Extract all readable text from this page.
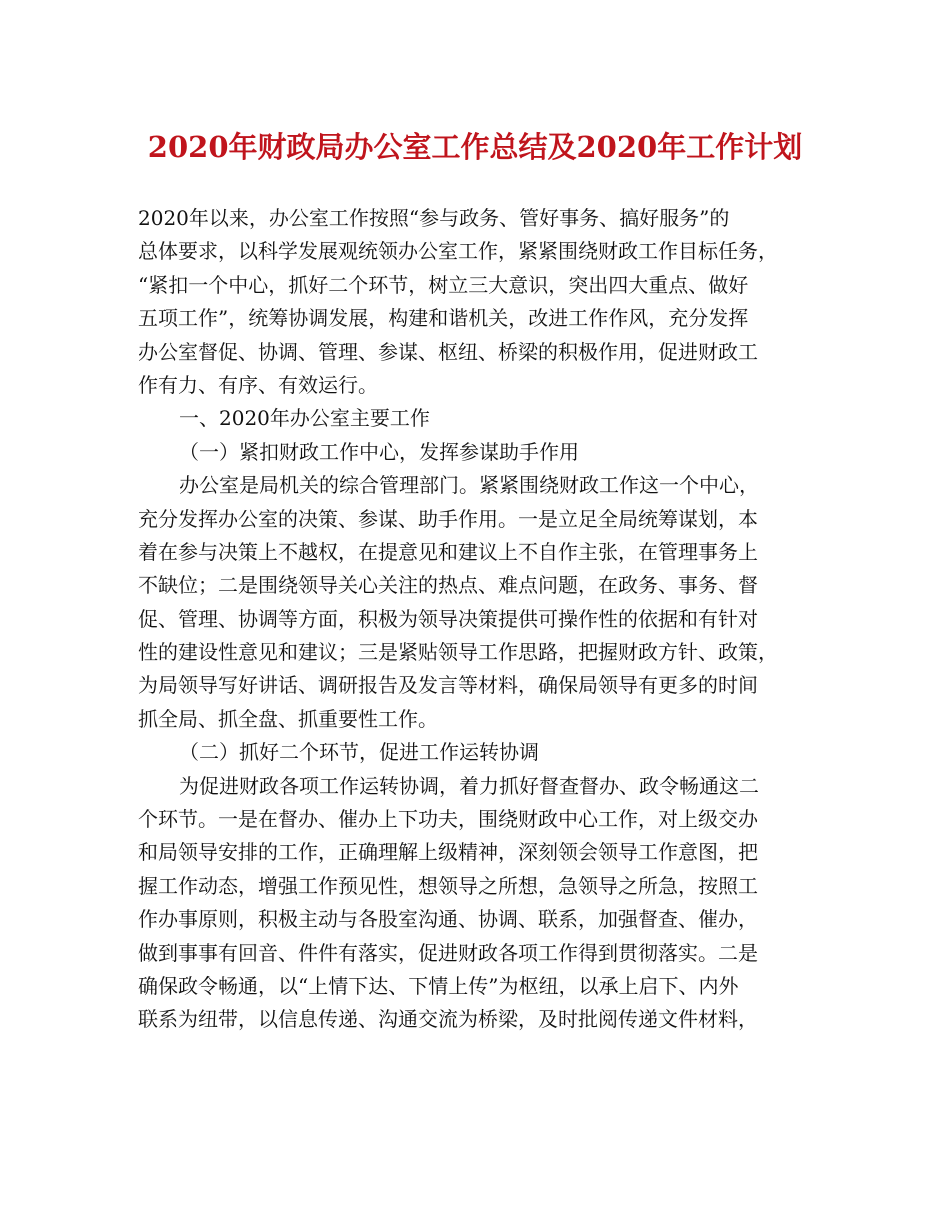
2020年财政局办公室工作总结及2020年工作计划
2020年以来，办公室工作按照“参与政务、管好事务、搞好服务”的
总体要求，以科学发展观统领办公室工作，紧紧围绕财政工作目标任务，
“紧扣一个中心，抓好二个环节，树立三大意识，突出四大重点、做好
五项工作”，统筹协调发展，构建和谐机关，改进工作作风，充分发挥
办公室督促、协调、管理、参谋、枢纽、桥梁的积极作用，促进财政工
作有力、有序、有效运行。
一、2020年办公室主要工作
（一）紧扣财政工作中心，发挥参谋助手作用
办公室是局机关的综合管理部门。紧紧围绕财政工作这一个中心，
充分发挥办公室的决策、参谋、助手作用。一是立足全局统筹谋划，本
着在参与决策上不越权，在提意见和建议上不自作主张，在管理事务上
不缺位；二是围绕领导关心关注的热点、难点问题，在政务、事务、督
促、管理、协调等方面，积极为领导决策提供可操作性的依据和有针对
性的建设性意见和建议；三是紧贴领导工作思路，把握财政方针、政策，
为局领导写好讲话、调研报告及发言等材料，确保局领导有更多的时间
抓全局、抓全盘、抓重要性工作。
（二）抓好二个环节，促进工作运转协调
为促进财政各项工作运转协调，着力抓好督查督办、政令畅通这二
个环节。一是在督办、催办上下功夫，围绕财政中心工作，对上级交办
和局领导安排的工作，正确理解上级精神，深刻领会领导工作意图，把
握工作动态，增强工作预见性，想领导之所想，急领导之所急，按照工
作办事原则，积极主动与各股室沟通、协调、联系，加强督查、催办，
做到事事有回音、件件有落实，促进财政各项工作得到贯彻落实。二是
确保政令畅通，以“上情下达、下情上传”为枢纽，以承上启下、内外
联系为纽带，以信息传递、沟通交流为桥梁，及时批阅传递文件材料，
